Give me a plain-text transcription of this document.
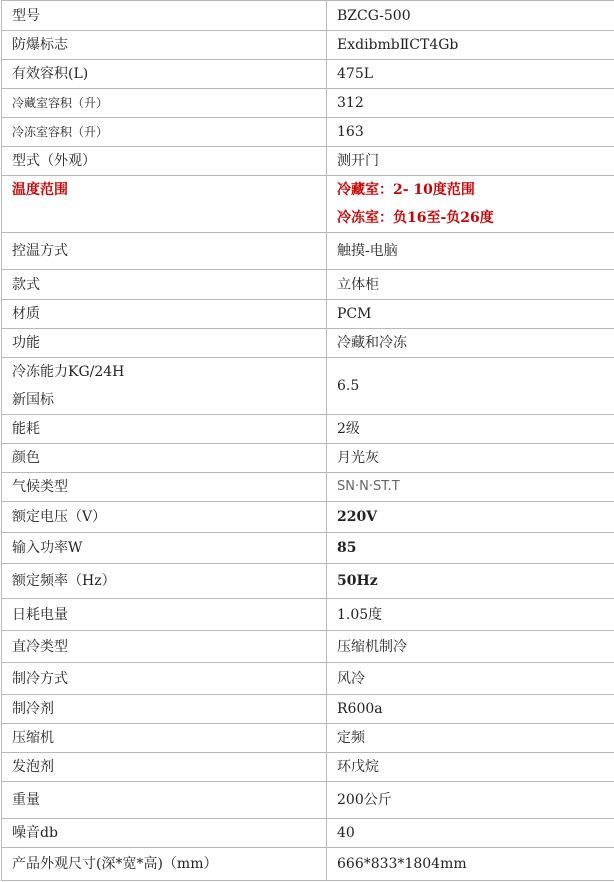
型号	BZCG-500
防爆标志	ExdibmbⅡCT4Gb
有效容积(L)	475L
冷藏室容积（升）	312
冷冻室容积（升）	163
型式（外观）	测开门
温度范围	冷藏室：2- 10度范围
冷冻室：负16至-负26度

控温方式	触摸-电脑
款式	立体柜
材质	PCM
功能	冷藏和冷冻

冷冻能力KG/24H
新国标	6.5
能耗	2级
颜色	月光灰
气候类型	SN·N·ST.T
额定电压（V）	220V
输入功率W	85
额定频率（Hz）	50Hz
日耗电量	1.05度
直冷类型	压缩机制冷
制冷方式	风冷
制冷剂	R600a
压缩机	定频
发泡剂	环戊烷
重量	200公斤
噪音db	40
产品外观尺寸(深*宽*高)（mm）	666*833*1804mm
